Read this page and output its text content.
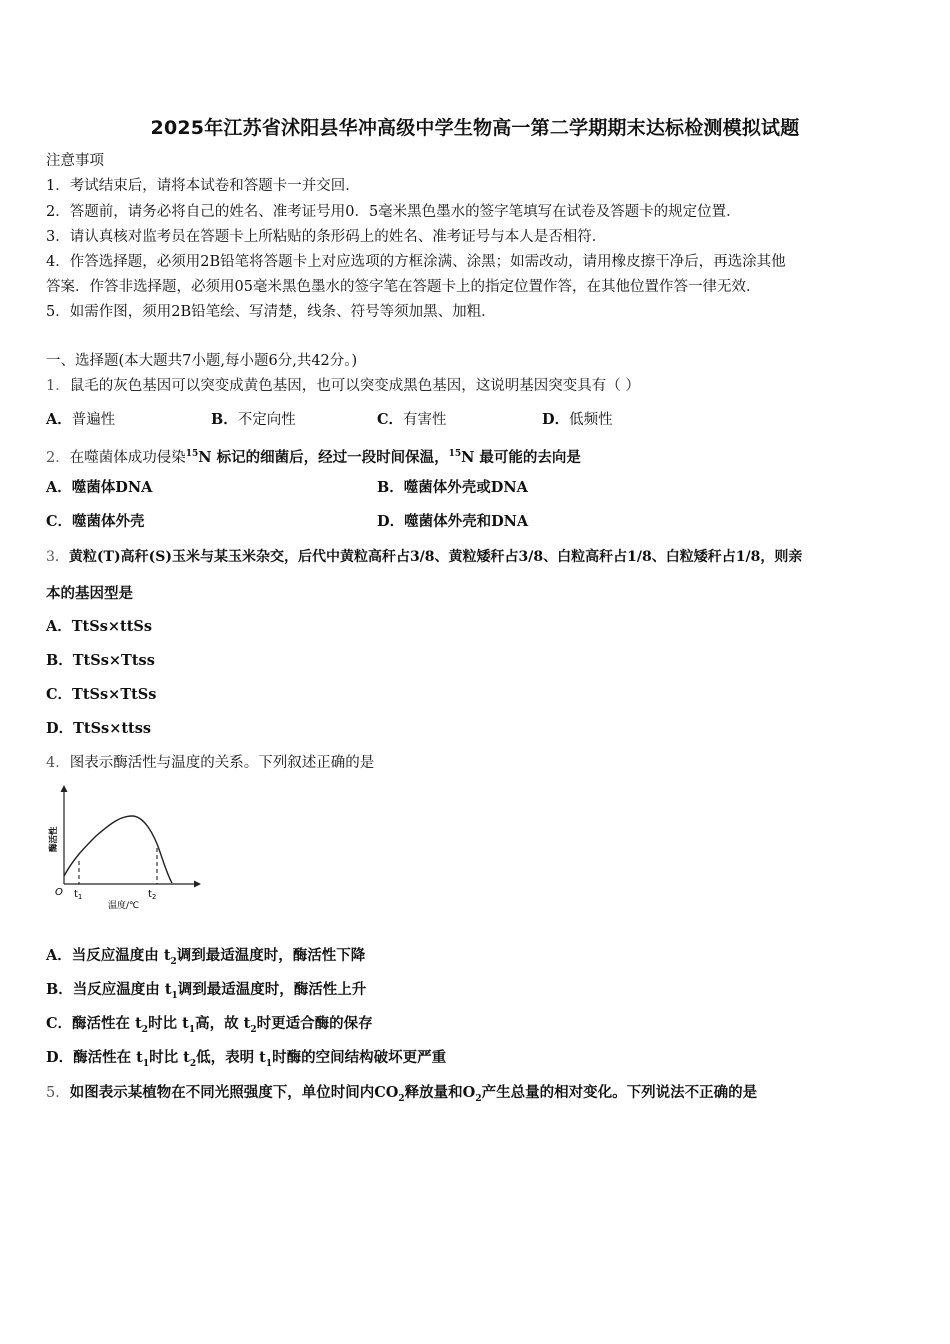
2025年江苏省沭阳县华冲高级中学生物高一第二学期期末达标检测模拟试题
注意事项
1．考试结束后，请将本试卷和答题卡一并交回．
2．答题前，请务必将自己的姓名、准考证号用0．5毫米黑色墨水的签字笔填写在试卷及答题卡的规定位置．
3．请认真核对监考员在答题卡上所粘贴的条形码上的姓名、准考证号与本人是否相符．
4．作答选择题，必须用2B铅笔将答题卡上对应选项的方框涂满、涂黑；如需改动，请用橡皮擦干净后，再选涂其他
答案．作答非选择题，必须用05毫米黑色墨水的签字笔在答题卡上的指定位置作答，在其他位置作答一律无效．
5．如需作图，须用2B铅笔绘、写清楚，线条、符号等须加黑、加粗．
一、选择题(本大题共7小题,每小题6分,共42分。)
1．鼠毛的灰色基因可以突变成黄色基因，也可以突变成黑色基因，这说明基因突变具有（ ）
A．普遍性	B．不定向性	C．有害性	D．低频性
2．在噬菌体成功侵染$^{15}$N 标记的细菌后，经过一段时间保温，$^{15}$N 最可能的去向是
A．噬菌体DNA	B．噬菌体外壳或DNA
C．噬菌体外壳	D．噬菌体外壳和DNA
3．黄粒(T)高秆(S)玉米与某玉米杂交，后代中黄粒高秆占3/8、黄粒矮秆占3/8、白粒高秆占1/8、白粒矮秆占1/8，则亲
本的基因型是
A．TtSs×ttSs
B．TtSs×Ttss
C．TtSs×TtSs
D．TtSs×ttss
4．图表示酶活性与温度的关系。下列叙述正确的是
酶活性
O $t_1$	$t_2$
温度/℃
A．当反应温度由 $t_2$调到最适温度时，酶活性下降
B．当反应温度由 $t_1$调到最适温度时，酶活性上升
C．酶活性在 $t_2$时比 $t_1$高，故 $t_2$时更适合酶的保存
D．酶活性在 $t_1$时比 $t_2$低，表明 $t_1$时酶的空间结构破坏更严重
5．如图表示某植物在不同光照强度下，单位时间内$CO_2$释放量和$O_2$产生总量的相对变化。下列说法不正确的是
